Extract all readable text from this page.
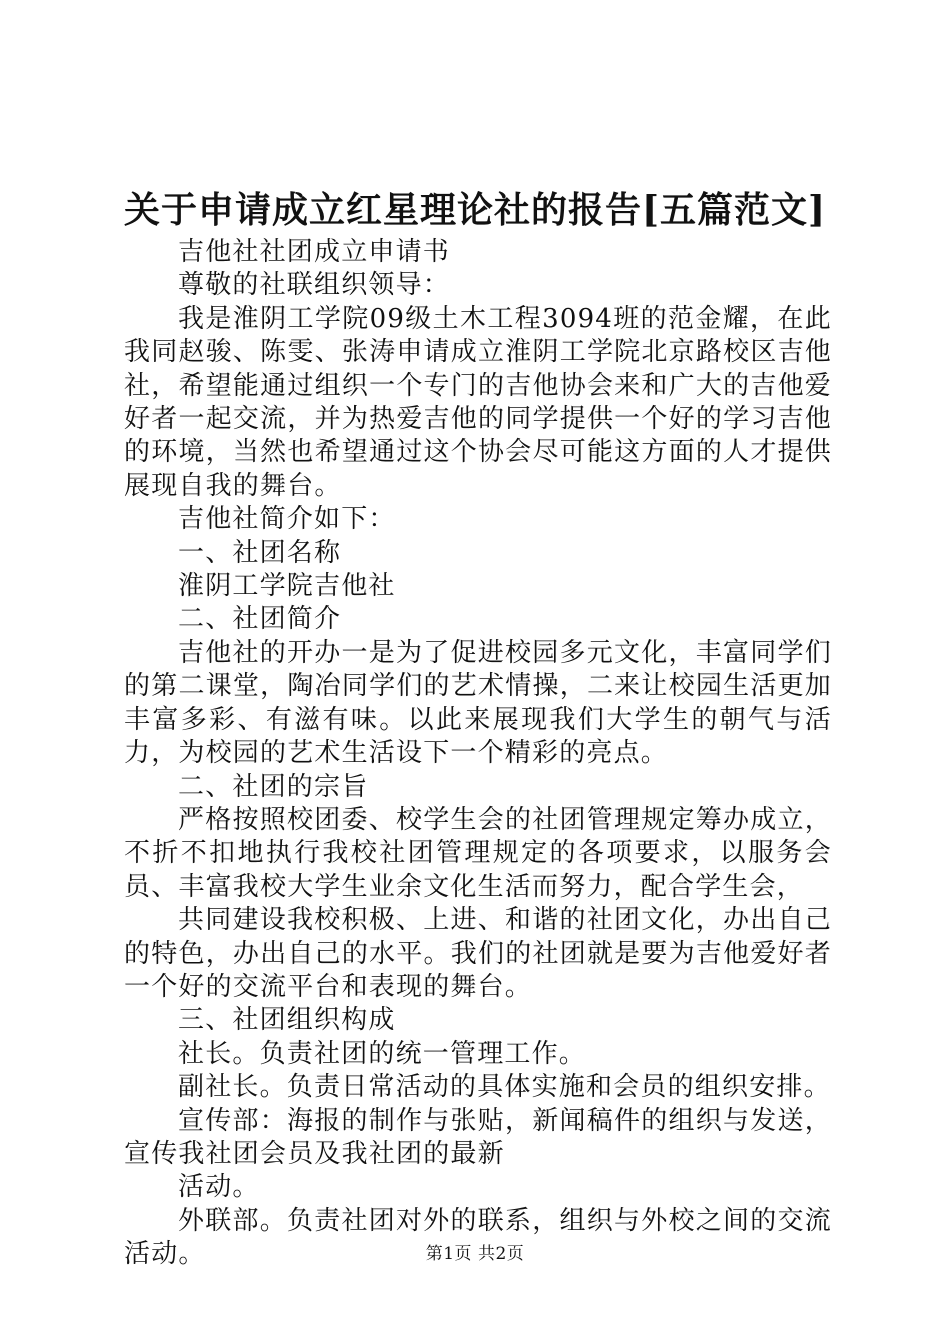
关于申请成立红星理论社的报告[五篇范文]

吉他社社团成立申请书

尊敬的社联组织领导：

我是淮阴工学院09级土木工程3094班的范金耀，在此我同赵骏、陈雯、张涛申请成立淮阴工学院北京路校区吉他社，希望能通过组织一个专门的吉他协会来和广大的吉他爱好者一起交流，并为热爱吉他的同学提供一个好的学习吉他的环境，当然也希望通过这个协会尽可能这方面的人才提供展现自我的舞台。

吉他社简介如下：

一、社团名称

淮阴工学院吉他社

二、社团简介

吉他社的开办一是为了促进校园多元文化，丰富同学们的第二课堂，陶冶同学们的艺术情操，二来让校园生活更加丰富多彩、有滋有味。以此来展现我们大学生的朝气与活力，为校园的艺术生活设下一个精彩的亮点。

二、社团的宗旨

严格按照校团委、校学生会的社团管理规定筹办成立，不折不扣地执行我校社团管理规定的各项要求，以服务会员、丰富我校大学生业余文化生活而努力，配合学生会，

共同建设我校积极、上进、和谐的社团文化，办出自己的特色，办出自己的水平。我们的社团就是要为吉他爱好者一个好的交流平台和表现的舞台。

三、社团组织构成

社长。负责社团的统一管理工作。

副社长。负责日常活动的具体实施和会员的组织安排。

宣传部：海报的制作与张贴，新闻稿件的组织与发送，宣传我社团会员及我社团的最新

活动。

外联部。负责社团对外的联系，组织与外校之间的交流活动。	第1页 共2页
